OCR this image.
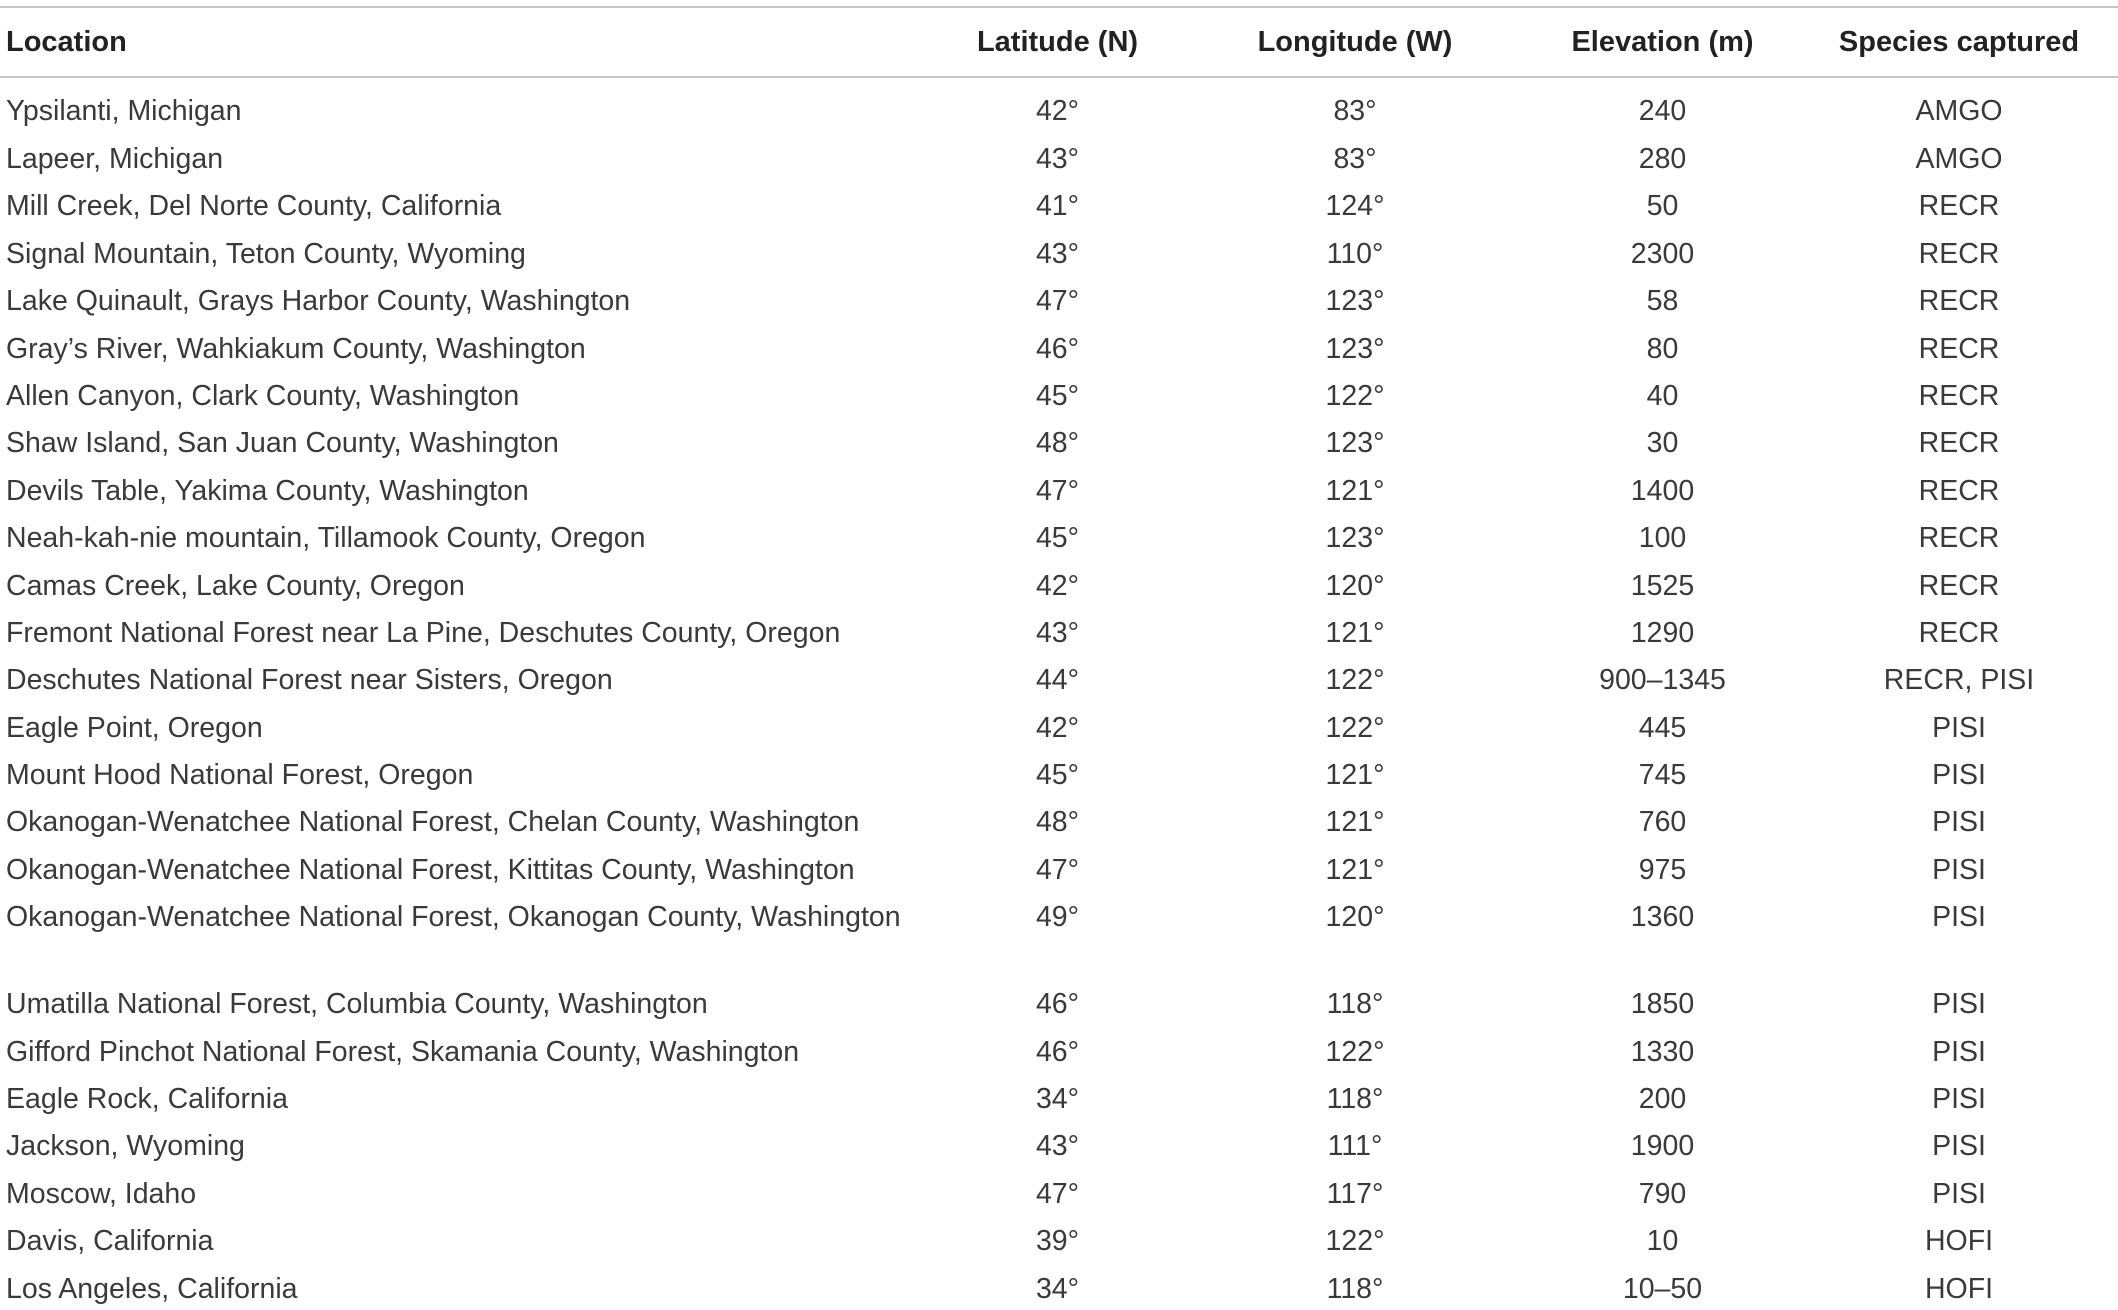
Location	Latitude (N)	Longitude (W)	Elevation (m)	Species captured
Ypsilanti, Michigan	42°	83°	240	AMGO
Lapeer, Michigan	43°	83°	280	AMGO
Mill Creek, Del Norte County, California	41°	124°	50	RECR
Signal Mountain, Teton County, Wyoming	43°	110°	2300	RECR
Lake Quinault, Grays Harbor County, Washington	47°	123°	58	RECR
Gray’s River, Wahkiakum County, Washington	46°	123°	80	RECR
Allen Canyon, Clark County, Washington	45°	122°	40	RECR
Shaw Island, San Juan County, Washington	48°	123°	30	RECR
Devils Table, Yakima County, Washington	47°	121°	1400	RECR
Neah-kah-nie mountain, Tillamook County, Oregon	45°	123°	100	RECR
Camas Creek, Lake County, Oregon	42°	120°	1525	RECR
Fremont National Forest near La Pine, Deschutes County, Oregon	43°	121°	1290	RECR
Deschutes National Forest near Sisters, Oregon	44°	122°	900–1345	RECR, PISI
Eagle Point, Oregon	42°	122°	445	PISI
Mount Hood National Forest, Oregon	45°	121°	745	PISI
Okanogan-Wenatchee National Forest, Chelan County, Washington	48°	121°	760	PISI
Okanogan-Wenatchee National Forest, Kittitas County, Washington	47°	121°	975	PISI
Okanogan-Wenatchee National Forest, Okanogan County, Washington	49°	120°	1360	PISI
Umatilla National Forest, Columbia County, Washington	46°	118°	1850	PISI
Gifford Pinchot National Forest, Skamania County, Washington	46°	122°	1330	PISI
Eagle Rock, California	34°	118°	200	PISI
Jackson, Wyoming	43°	111°	1900	PISI
Moscow, Idaho	47°	117°	790	PISI
Davis, California	39°	122°	10	HOFI
Los Angeles, California	34°	118°	10–50	HOFI
